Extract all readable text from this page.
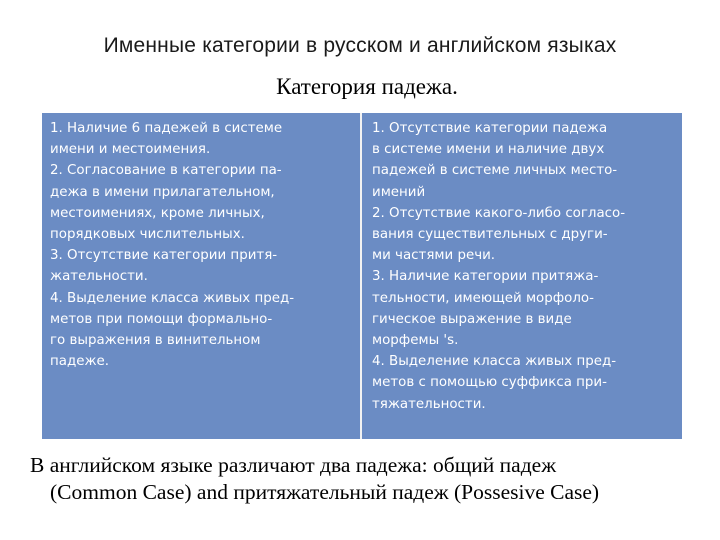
Именные категории в русском и английском языках
Категория падежа.
1. Наличие 6 падежей в системе
имени и местоимения.
2. Согласование в категории па-
дежа в имени прилагательном,
местоимениях, кроме личных,
порядковых числительных.
3. Отсутствие категории притя-
жательности.
4. Выделение класса живых пред-
метов при помощи формально-
го выражения в винительном
падеже.
1. Отсутствие категории падежа
в системе имени и наличие двух
падежей в системе личных место-
имений
2. Отсутствие какого-либо согласо-
вания существительных с други-
ми частями речи.
3. Наличие категории притяжа-
тельности, имеющей морфоло-
гическое выражение в виде
морфемы 's.
4. Выделение класса живых пред-
метов с помощью суффикса при-
тяжательности.
В английском языке различают два падежа: общий падеж
(Common Case) and притяжательный падеж (Possesive Case)
